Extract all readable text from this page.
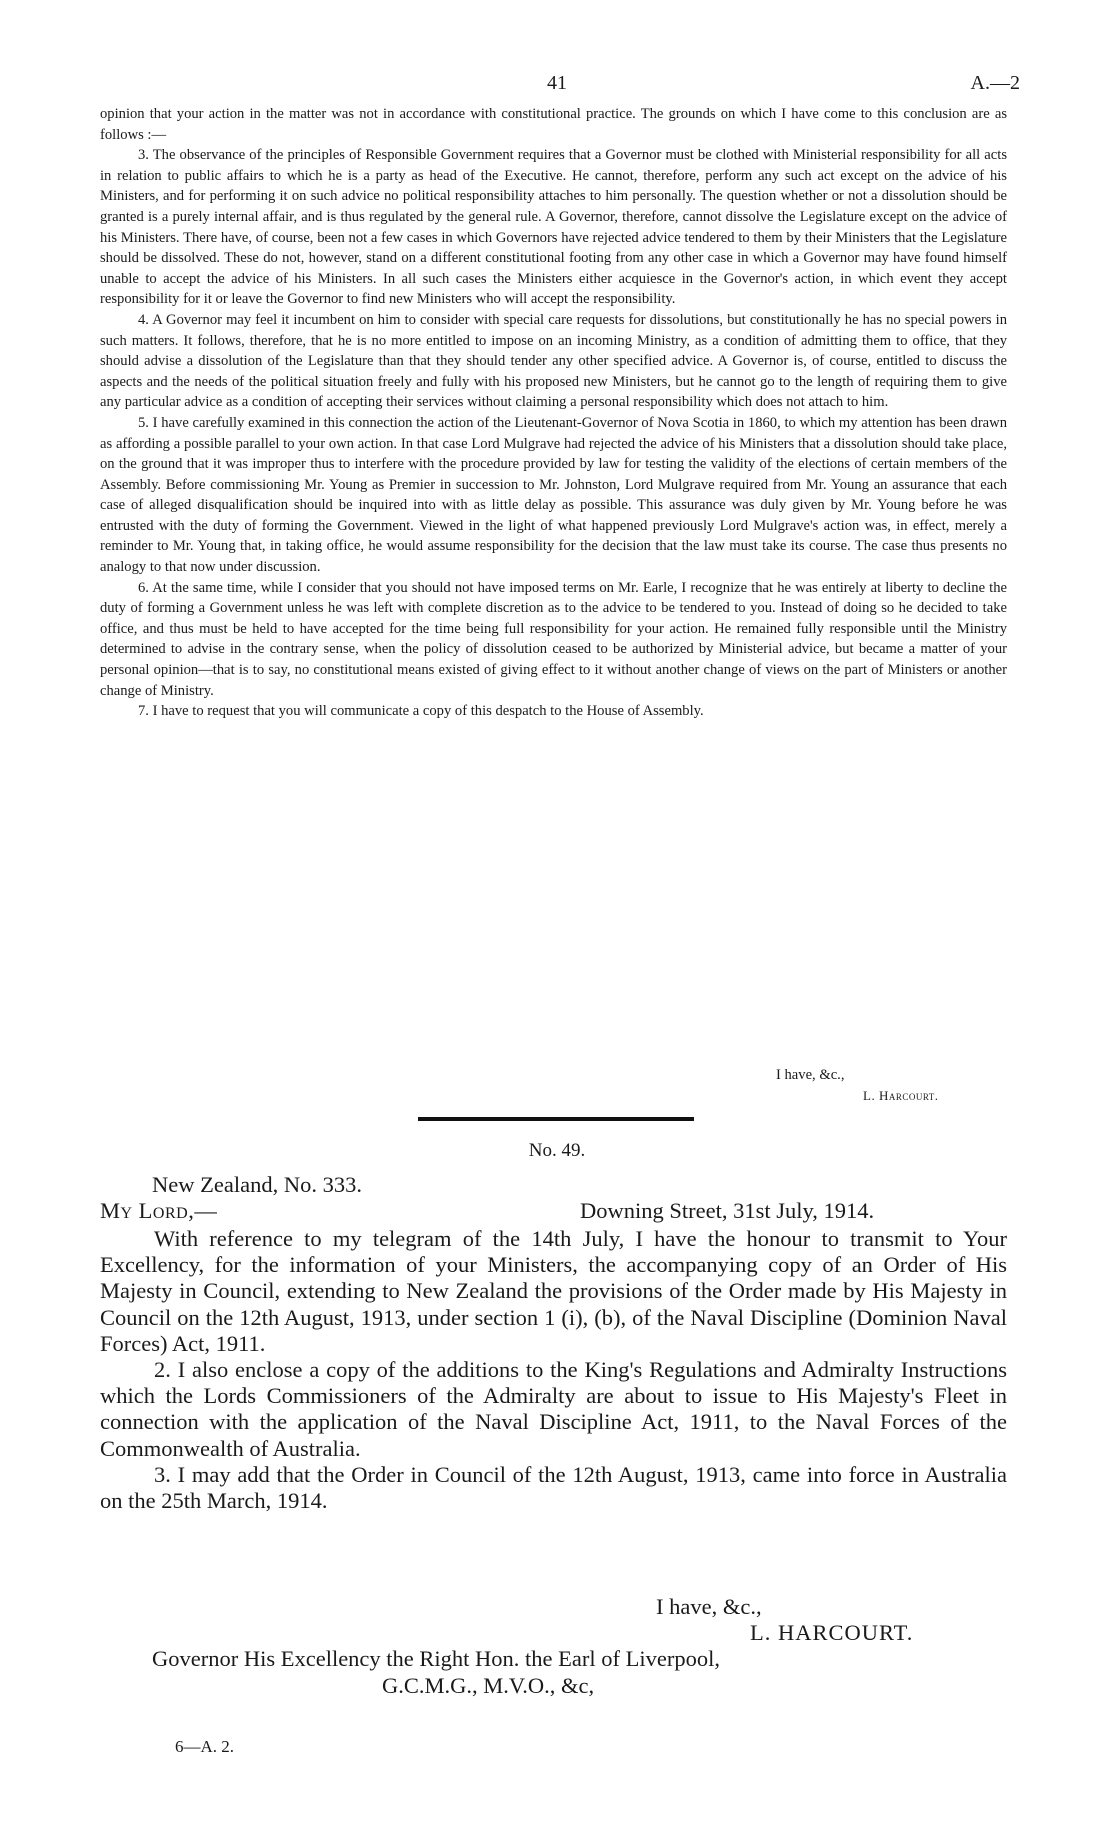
41	A.—2

opinion that your action in the matter was not in accordance with constitutional practice. The grounds on which I have come to this conclusion are as follows :—

3. The observance of the principles of Responsible Government requires that a Governor must be clothed with Ministerial responsibility for all acts in relation to public affairs to which he is a party as head of the Executive. He cannot, therefore, perform any such act except on the advice of his Ministers, and for performing it on such advice no political responsibility attaches to him personally. The question whether or not a dissolution should be granted is a purely internal affair, and is thus regulated by the general rule. A Governor, therefore, cannot dissolve the Legislature except on the advice of his Ministers. There have, of course, been not a few cases in which Governors have rejected advice tendered to them by their Ministers that the Legislature should be dissolved. These do not, however, stand on a different constitutional footing from any other case in which a Governor may have found himself unable to accept the advice of his Ministers. In all such cases the Ministers either acquiesce in the Governor's action, in which event they accept responsibility for it or leave the Governor to find new Ministers who will accept the responsibility.

4. A Governor may feel it incumbent on him to consider with special care requests for dissolutions, but constitutionally he has no special powers in such matters. It follows, therefore, that he is no more entitled to impose on an incoming Ministry, as a condition of admitting them to office, that they should advise a dissolution of the Legislature than that they should tender any other specified advice. A Governor is, of course, entitled to discuss the aspects and the needs of the political situation freely and fully with his proposed new Ministers, but he cannot go to the length of requiring them to give any particular advice as a condition of accepting their services without claiming a personal responsibility which does not attach to him.

5. I have carefully examined in this connection the action of the Lieutenant-Governor of Nova Scotia in 1860, to which my attention has been drawn as affording a possible parallel to your own action. In that case Lord Mulgrave had rejected the advice of his Ministers that a dissolution should take place, on the ground that it was improper thus to interfere with the procedure provided by law for testing the validity of the elections of certain members of the Assembly. Before commissioning Mr. Young as Premier in succession to Mr. Johnston, Lord Mulgrave required from Mr. Young an assurance that each case of alleged disqualification should be inquired into with as little delay as possible. This assurance was duly given by Mr. Young before he was entrusted with the duty of forming the Government. Viewed in the light of what happened previously Lord Mulgrave's action was, in effect, merely a reminder to Mr. Young that, in taking office, he would assume responsibility for the decision that the law must take its course. The case thus presents no analogy to that now under discussion.

6. At the same time, while I consider that you should not have imposed terms on Mr. Earle, I recognize that he was entirely at liberty to decline the duty of forming a Government unless he was left with complete discretion as to the advice to be tendered to you. Instead of doing so he decided to take office, and thus must be held to have accepted for the time being full responsibility for your action. He remained fully responsible until the Ministry determined to advise in the contrary sense, when the policy of dissolution ceased to be authorized by Ministerial advice, but became a matter of your personal opinion—that is to say, no constitutional means existed of giving effect to it without another change of views on the part of Ministers or another change of Ministry.

7. I have to request that you will communicate a copy of this despatch to the House of Assembly.

I have, &c.,
L. Harcourt.
No. 49.
New Zealand, No. 333.
My Lord,—	Downing Street, 31st July, 1914.

With reference to my telegram of the 14th July, I have the honour to transmit to Your Excellency, for the information of your Ministers, the accompanying copy of an Order of His Majesty in Council, extending to New Zealand the provisions of the Order made by His Majesty in Council on the 12th August, 1913, under section 1 (i), (b), of the Naval Discipline (Dominion Naval Forces) Act, 1911.

2. I also enclose a copy of the additions to the King's Regulations and Admiralty Instructions which the Lords Commissioners of the Admiralty are about to issue to His Majesty's Fleet in connection with the application of the Naval Discipline Act, 1911, to the Naval Forces of the Commonwealth of Australia.

3. I may add that the Order in Council of the 12th August, 1913, came into force in Australia on the 25th March, 1914.

I have, &c.,
L. HARCOURT.
Governor His Excellency the Right Hon. the Earl of Liverpool,
G.C.M.G., M.V.O., &c,
6—A. 2.
